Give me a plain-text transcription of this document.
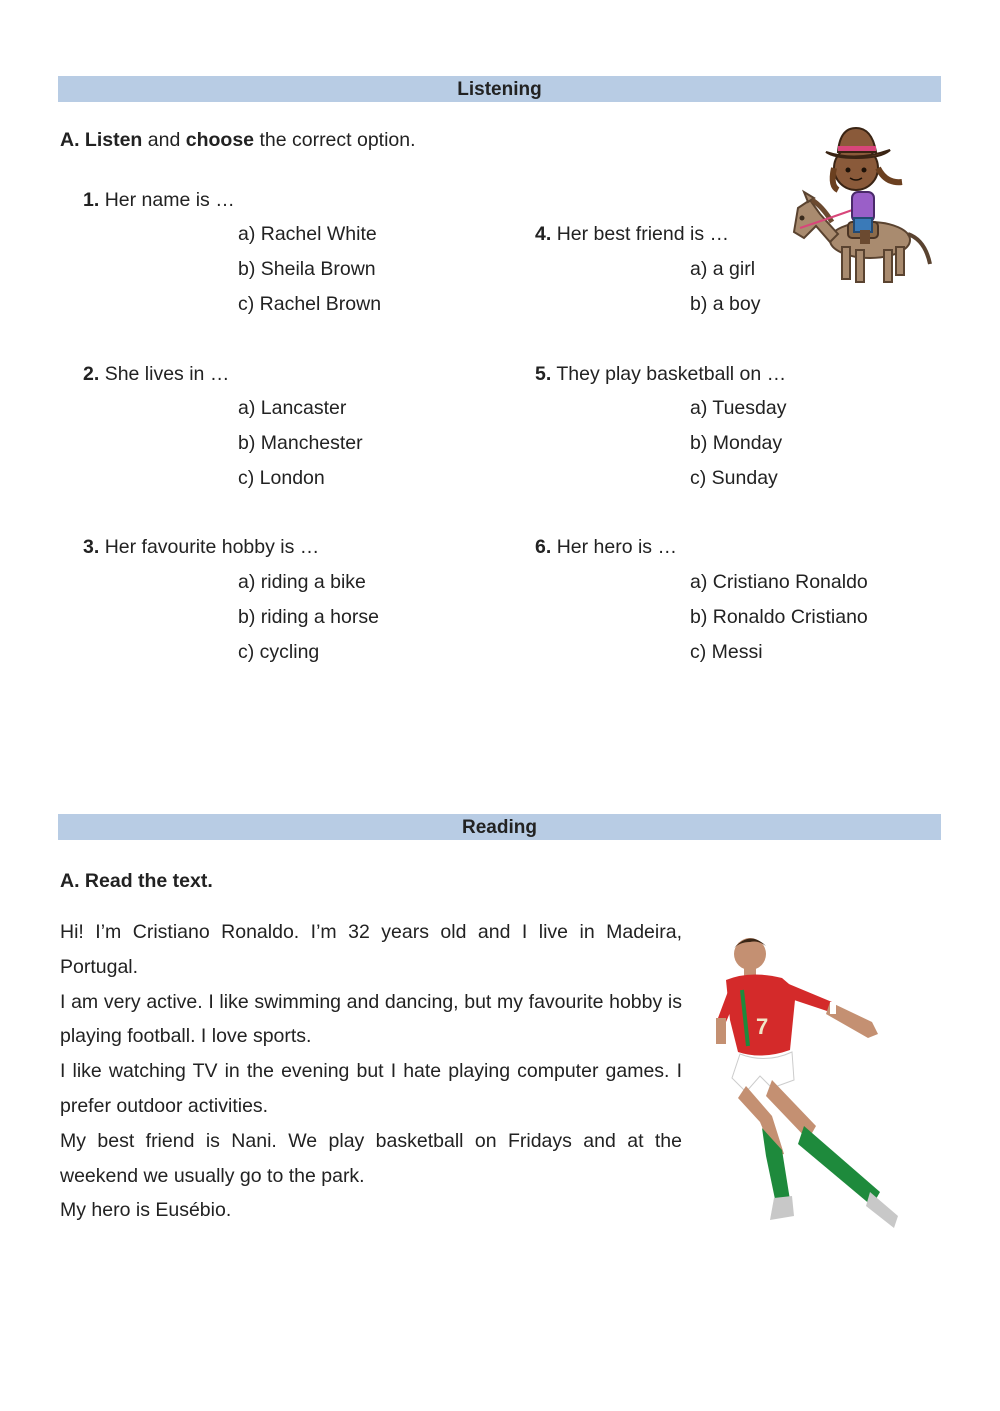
Listening
A. Listen and choose the correct option.
1. Her name is …
a) Rachel White
b) Sheila Brown
c) Rachel Brown
2. She lives in …
a) Lancaster
b) Manchester
c) London
3. Her favourite hobby is …
a) riding a bike
b) riding a horse
c) cycling
4. Her best friend is …
a) a girl
b) a boy
5. They play basketball on …
a) Tuesday
b) Monday
c) Sunday
6. Her hero is …
a) Cristiano Ronaldo
b) Ronaldo Cristiano
c) Messi
Reading
A. Read the text.

Hi! I’m Cristiano Ronaldo. I’m 32 years old and I live in Madeira, Portugal.

I am very active. I like swimming and dancing, but my favourite hobby is playing football. I love sports.

I like watching TV in the evening but I hate playing computer games. I prefer outdoor activities.

My best friend is Nani. We play basketball on Fridays and at the weekend we usually go to the park.

My hero is Eusébio.

7
